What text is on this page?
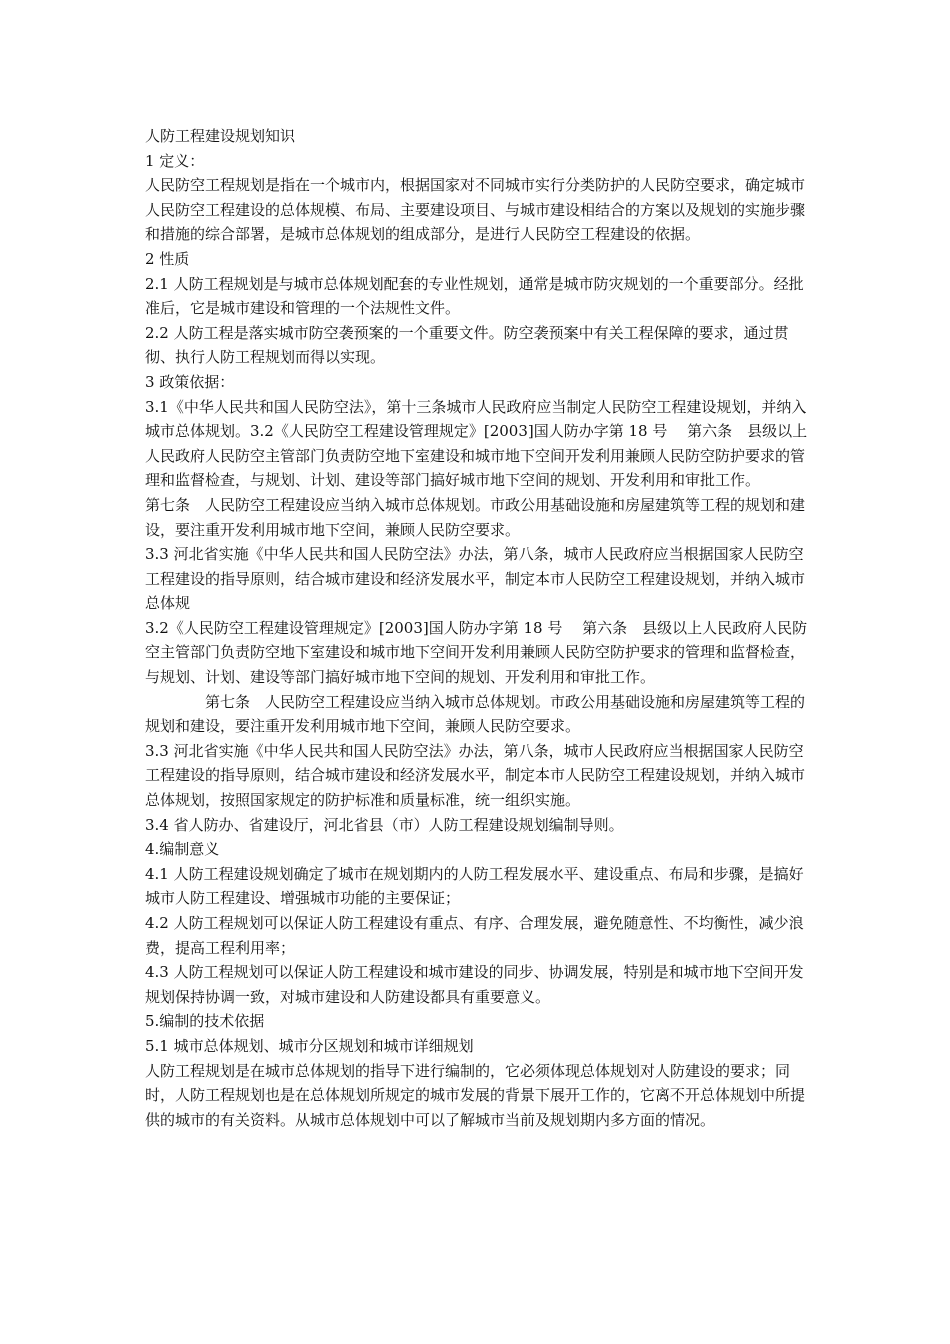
人防工程建设规划知识

1 定义：

人民防空工程规划是指在一个城市内，根据国家对不同城市实行分类防护的人民防空要求，确定城市人民防空工程建设的总体规模、布局、主要建设项目、与城市建设相结合的方案以及规划的实施步骤和措施的综合部署，是城市总体规划的组成部分，是进行人民防空工程建设的依据。

2 性质

2.1 人防工程规划是与城市总体规划配套的专业性规划，通常是城市防灾规划的一个重要部分。经批准后，它是城市建设和管理的一个法规性文件。

2.2 人防工程是落实城市防空袭预案的一个重要文件。防空袭预案中有关工程保障的要求，通过贯彻、执行人防工程规划而得以实现。

3 政策依据：

3.1《中华人民共和国人民防空法》，第十三条城市人民政府应当制定人民防空工程建设规划，并纳入城市总体规划。3.2《人民防空工程建设管理规定》[2003]国人防办字第 18 号　 第六条　县级以上人民政府人民防空主管部门负责防空地下室建设和城市地下空间开发利用兼顾人民防空防护要求的管理和监督检查，与规划、计划、建设等部门搞好城市地下空间的规划、开发利用和审批工作。　　　　　第七条　人民防空工程建设应当纳入城市总体规划。市政公用基础设施和房屋建筑等工程的规划和建设，要注重开发利用城市地下空间，兼顾人民防空要求。

3.3 河北省实施《中华人民共和国人民防空法》办法，第八条，城市人民政府应当根据国家人民防空工程建设的指导原则，结合城市建设和经济发展水平，制定本市人民防空工程建设规划，并纳入城市总体规

3.2《人民防空工程建设管理规定》[2003]国人防办字第 18 号　 第六条　县级以上人民政府人民防空主管部门负责防空地下室建设和城市地下空间开发利用兼顾人民防空防护要求的管理和监督检查，与规划、计划、建设等部门搞好城市地下空间的规划、开发利用和审批工作。

　　　　第七条　人民防空工程建设应当纳入城市总体规划。市政公用基础设施和房屋建筑等工程的规划和建设，要注重开发利用城市地下空间，兼顾人民防空要求。

3.3 河北省实施《中华人民共和国人民防空法》办法，第八条，城市人民政府应当根据国家人民防空工程建设的指导原则，结合城市建设和经济发展水平，制定本市人民防空工程建设规划，并纳入城市总体规划，按照国家规定的防护标准和质量标准，统一组织实施。

3.4 省人防办、省建设厅，河北省县（市）人防工程建设规划编制导则。

4.编制意义

4.1 人防工程建设规划确定了城市在规划期内的人防工程发展水平、建设重点、布局和步骤，是搞好城市人防工程建设、增强城市功能的主要保证；

4.2 人防工程规划可以保证人防工程建设有重点、有序、合理发展，避免随意性、不均衡性，减少浪费，提高工程利用率；

4.3 人防工程规划可以保证人防工程建设和城市建设的同步、协调发展，特别是和城市地下空间开发规划保持协调一致，对城市建设和人防建设都具有重要意义。

5.编制的技术依据

5.1 城市总体规划、城市分区规划和城市详细规划

人防工程规划是在城市总体规划的指导下进行编制的，它必须体现总体规划对人防建设的要求；同时，人防工程规划也是在总体规划所规定的城市发展的背景下展开工作的，它离不开总体规划中所提供的城市的有关资料。从城市总体规划中可以了解城市当前及规划期内多方面的情况。
